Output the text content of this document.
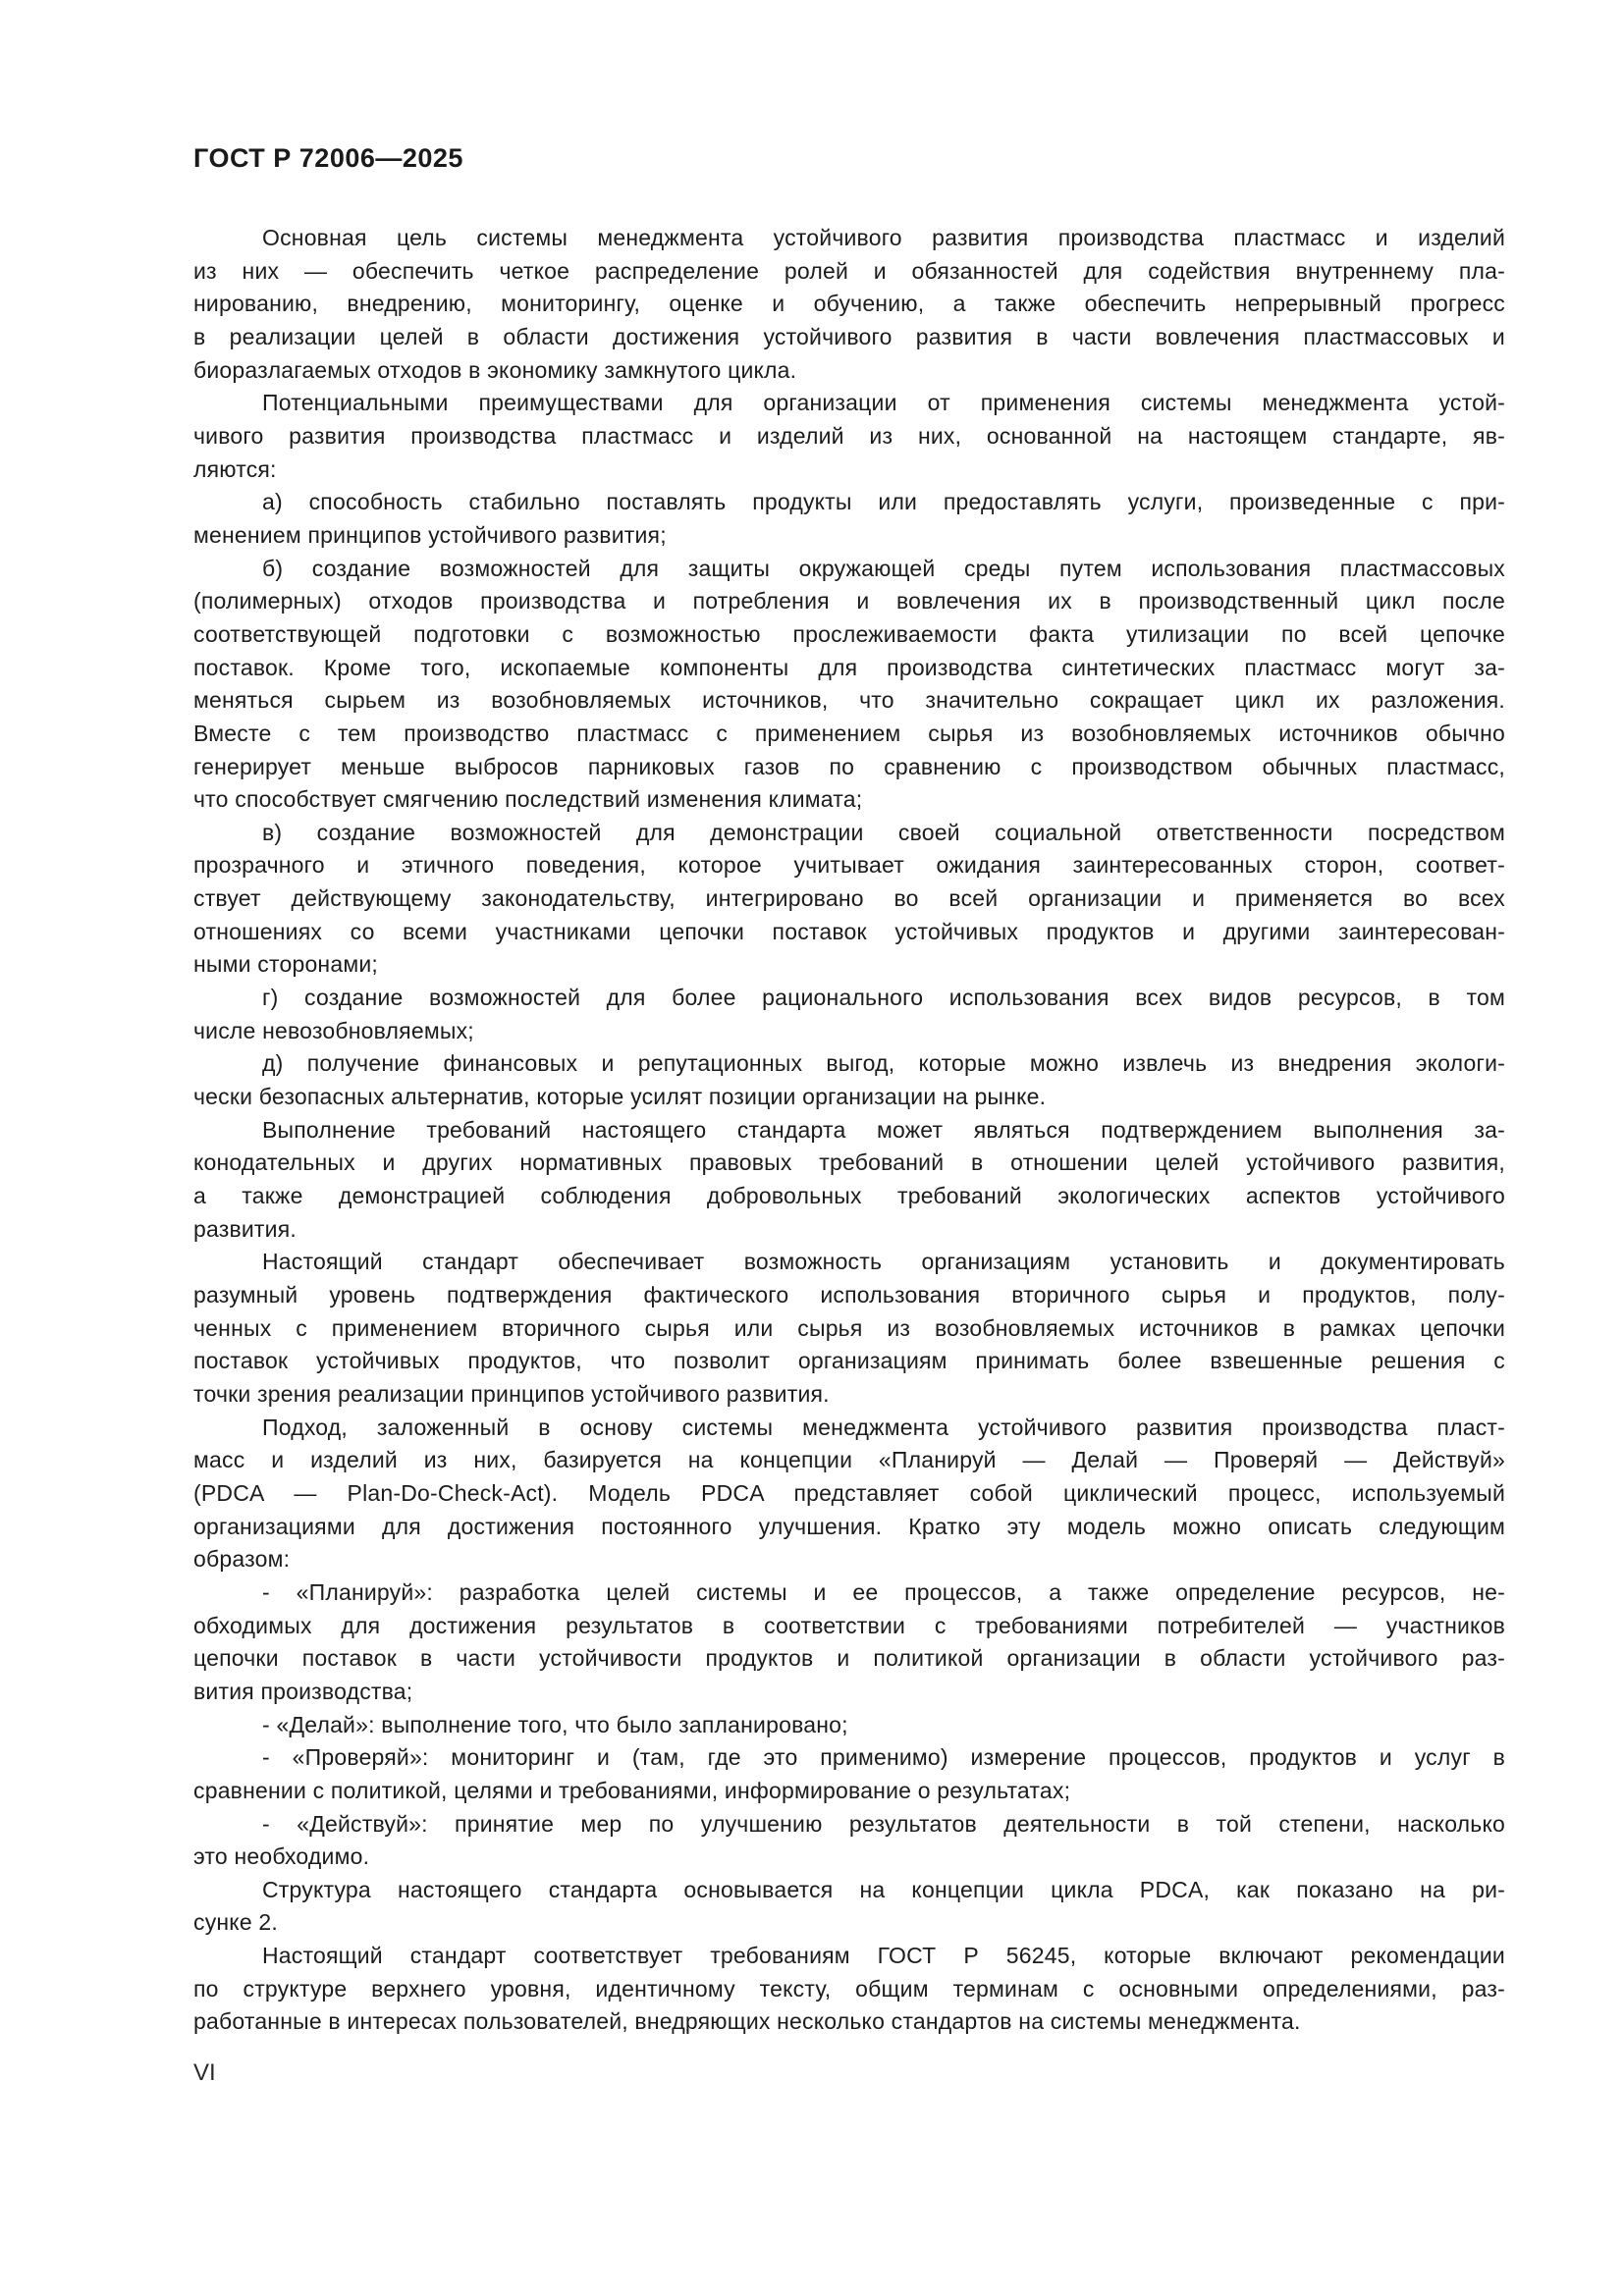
ГОСТ Р 72006—2025
Основная цель системы менеджмента устойчивого развития производства пластмасс и изделий
из них — обеспечить четкое распределение ролей и обязанностей для содействия внутреннему пла-
нированию, внедрению, мониторингу, оценке и обучению, а также обеспечить непрерывный прогресс
в реализации целей в области достижения устойчивого развития в части вовлечения пластмассовых и
биоразлагаемых отходов в экономику замкнутого цикла.
Потенциальными преимуществами для организации от применения системы менеджмента устой-
чивого развития производства пластмасс и изделий из них, основанной на настоящем стандарте, яв-
ляются:
а) способность стабильно поставлять продукты или предоставлять услуги, произведенные с при-
менением принципов устойчивого развития;
б) создание возможностей для защиты окружающей среды путем использования пластмассовых
(полимерных) отходов производства и потребления и вовлечения их в производственный цикл после
соответствующей подготовки с возможностью прослеживаемости факта утилизации по всей цепочке
поставок. Кроме того, ископаемые компоненты для производства синтетических пластмасс могут за-
меняться сырьем из возобновляемых источников, что значительно сокращает цикл их разложения.
Вместе с тем производство пластмасс с применением сырья из возобновляемых источников обычно
генерирует меньше выбросов парниковых газов по сравнению с производством обычных пластмасс,
что способствует смягчению последствий изменения климата;
в) создание возможностей для демонстрации своей социальной ответственности посредством
прозрачного и этичного поведения, которое учитывает ожидания заинтересованных сторон, соответ-
ствует действующему законодательству, интегрировано во всей организации и применяется во всех
отношениях со всеми участниками цепочки поставок устойчивых продуктов и другими заинтересован-
ными сторонами;
г) создание возможностей для более рационального использования всех видов ресурсов, в том
числе невозобновляемых;
д) получение финансовых и репутационных выгод, которые можно извлечь из внедрения экологи-
чески безопасных альтернатив, которые усилят позиции организации на рынке.
Выполнение требований настоящего стандарта может являться подтверждением выполнения за-
конодательных и других нормативных правовых требований в отношении целей устойчивого развития,
а также демонстрацией соблюдения добровольных требований экологических аспектов устойчивого
развития.
Настоящий стандарт обеспечивает возможность организациям установить и документировать
разумный уровень подтверждения фактического использования вторичного сырья и продуктов, полу-
ченных с применением вторичного сырья или сырья из возобновляемых источников в рамках цепочки
поставок устойчивых продуктов, что позволит организациям принимать более взвешенные решения с
точки зрения реализации принципов устойчивого развития.
Подход, заложенный в основу системы менеджмента устойчивого развития производства пласт-
масс и изделий из них, базируется на концепции «Планируй — Делай — Проверяй — Действуй»
(PDCA — Plan-Do-Check-Act). Модель PDCA представляет собой циклический процесс, используемый
организациями для достижения постоянного улучшения. Кратко эту модель можно описать следующим
образом:
- «Планируй»: разработка целей системы и ее процессов, а также определение ресурсов, не-
обходимых для достижения результатов в соответствии с требованиями потребителей — участников
цепочки поставок в части устойчивости продуктов и политикой организации в области устойчивого раз-
вития производства;
- «Делай»: выполнение того, что было запланировано;
- «Проверяй»: мониторинг и (там, где это применимо) измерение процессов, продуктов и услуг в
сравнении с политикой, целями и требованиями, информирование о результатах;
- «Действуй»: принятие мер по улучшению результатов деятельности в той степени, насколько
это необходимо.
Структура настоящего стандарта основывается на концепции цикла PDCA, как показано на ри-
сунке 2.
Настоящий стандарт соответствует требованиям ГОСТ Р 56245, которые включают рекомендации
по структуре верхнего уровня, идентичному тексту, общим терминам с основными определениями, раз-
работанные в интересах пользователей, внедряющих несколько стандартов на системы менеджмента.
VI
